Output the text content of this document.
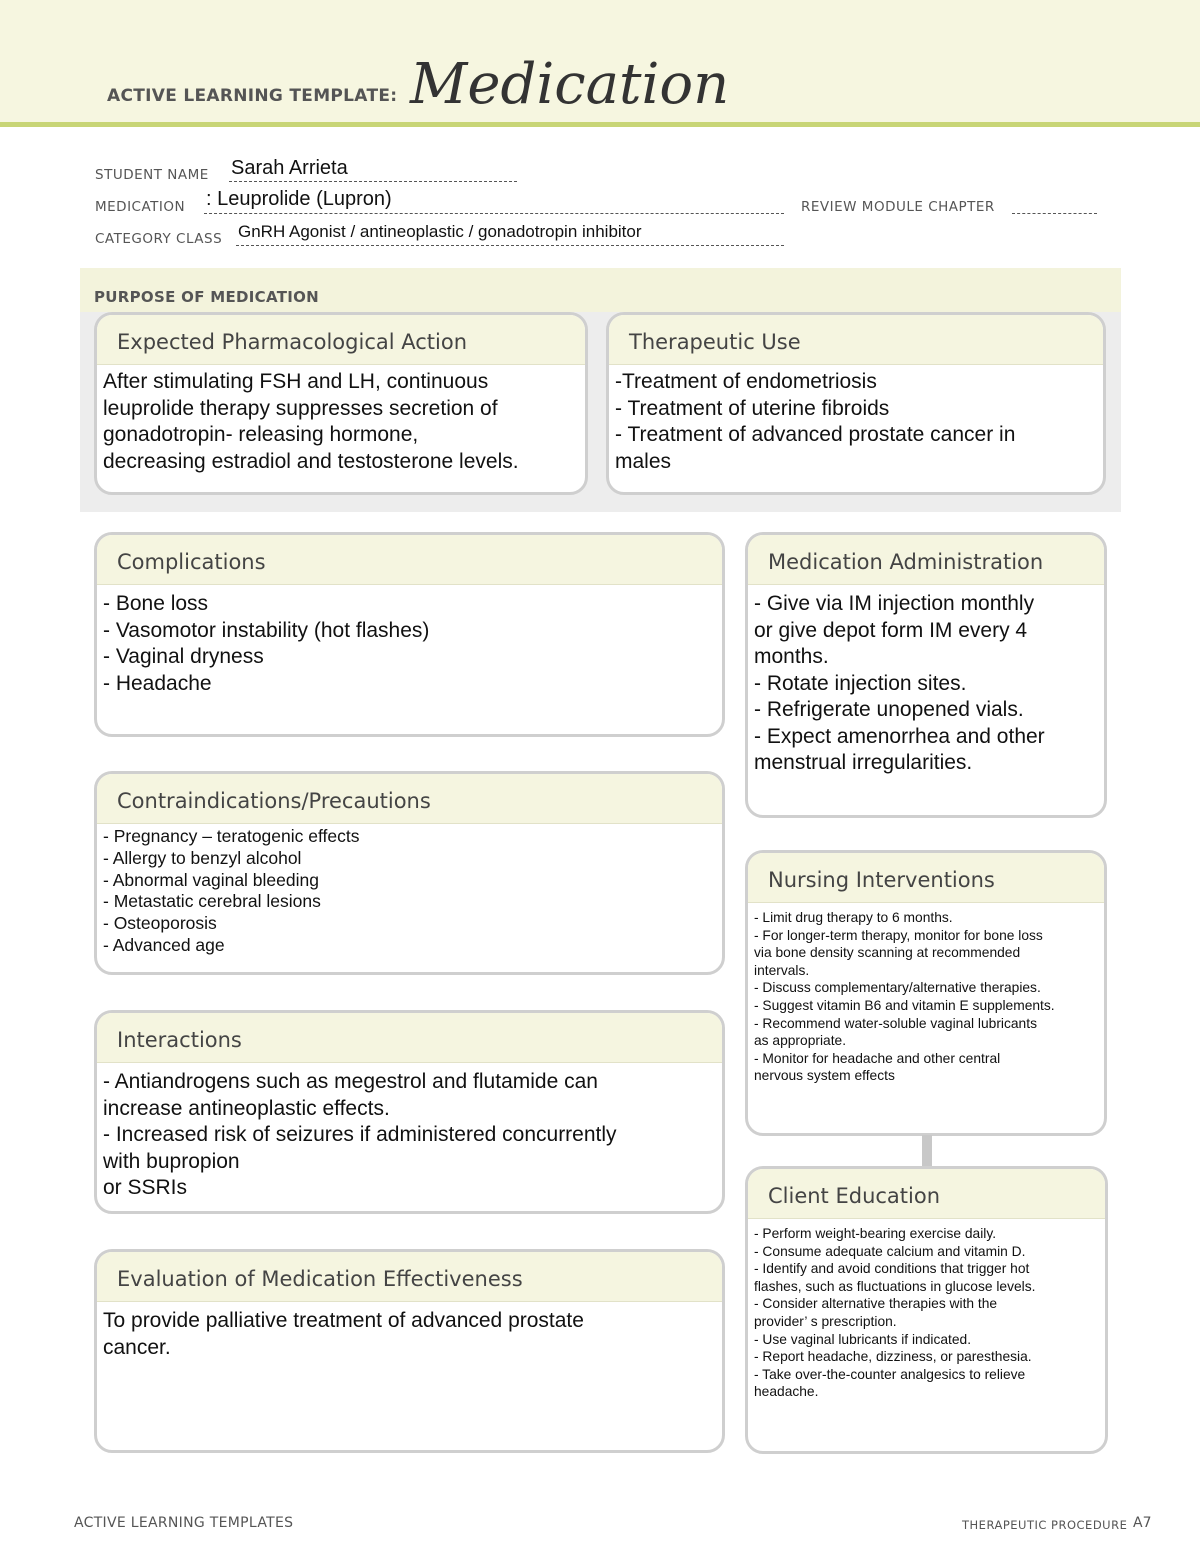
ACTIVE LEARNING TEMPLATE: Medication
STUDENT NAME Sarah Arrieta
MEDICATION : Leuprolide (Lupron)	REVIEW MODULE CHAPTER
CATEGORY CLASS GnRH Agonist / antineoplastic / gonadotropin inhibitor
PURPOSE OF MEDICATION
Expected Pharmacological Action
After stimulating FSH and LH, continuous
leuprolide therapy suppresses secretion of
gonadotropin- releasing hormone,
decreasing estradiol and testosterone levels.
Therapeutic Use
-Treatment of endometriosis
- Treatment of uterine fibroids
- Treatment of advanced prostate cancer in
males
Complications
- Bone loss
- Vasomotor instability (hot flashes)
- Vaginal dryness
- Headache
Contraindications/Precautions
- Pregnancy – teratogenic effects
- Allergy to benzyl alcohol
- Abnormal vaginal bleeding
- Metastatic cerebral lesions
- Osteoporosis
- Advanced age
Interactions
- Antiandrogens such as megestrol and flutamide can
increase antineoplastic effects.
- Increased risk of seizures if administered concurrently
with bupropion
or SSRIs
Evaluation of Medication Effectiveness
To provide palliative treatment of advanced prostate
cancer.
Medication Administration
- Give via IM injection monthly
or give depot form IM every 4
months.
- Rotate injection sites.
- Refrigerate unopened vials.
- Expect amenorrhea and other
menstrual irregularities.
Nursing Interventions
- Limit drug therapy to 6 months.
- For longer-term therapy, monitor for bone loss
via bone density scanning at recommended
intervals.
- Discuss complementary/alternative therapies.
- Suggest vitamin B6 and vitamin E supplements.
- Recommend water-soluble vaginal lubricants
as appropriate.
- Monitor for headache and other central
nervous system effects
Client Education
- Perform weight-bearing exercise daily.
- Consume adequate calcium and vitamin D.
- Identify and avoid conditions that trigger hot
flashes, such as fluctuations in glucose levels.
- Consider alternative therapies with the
provider’ s prescription.
- Use vaginal lubricants if indicated.
- Report headache, dizziness, or paresthesia.
- Take over-the-counter analgesics to relieve
headache.
ACTIVE LEARNING TEMPLATES	THERAPEUTIC PROCEDURE A7
